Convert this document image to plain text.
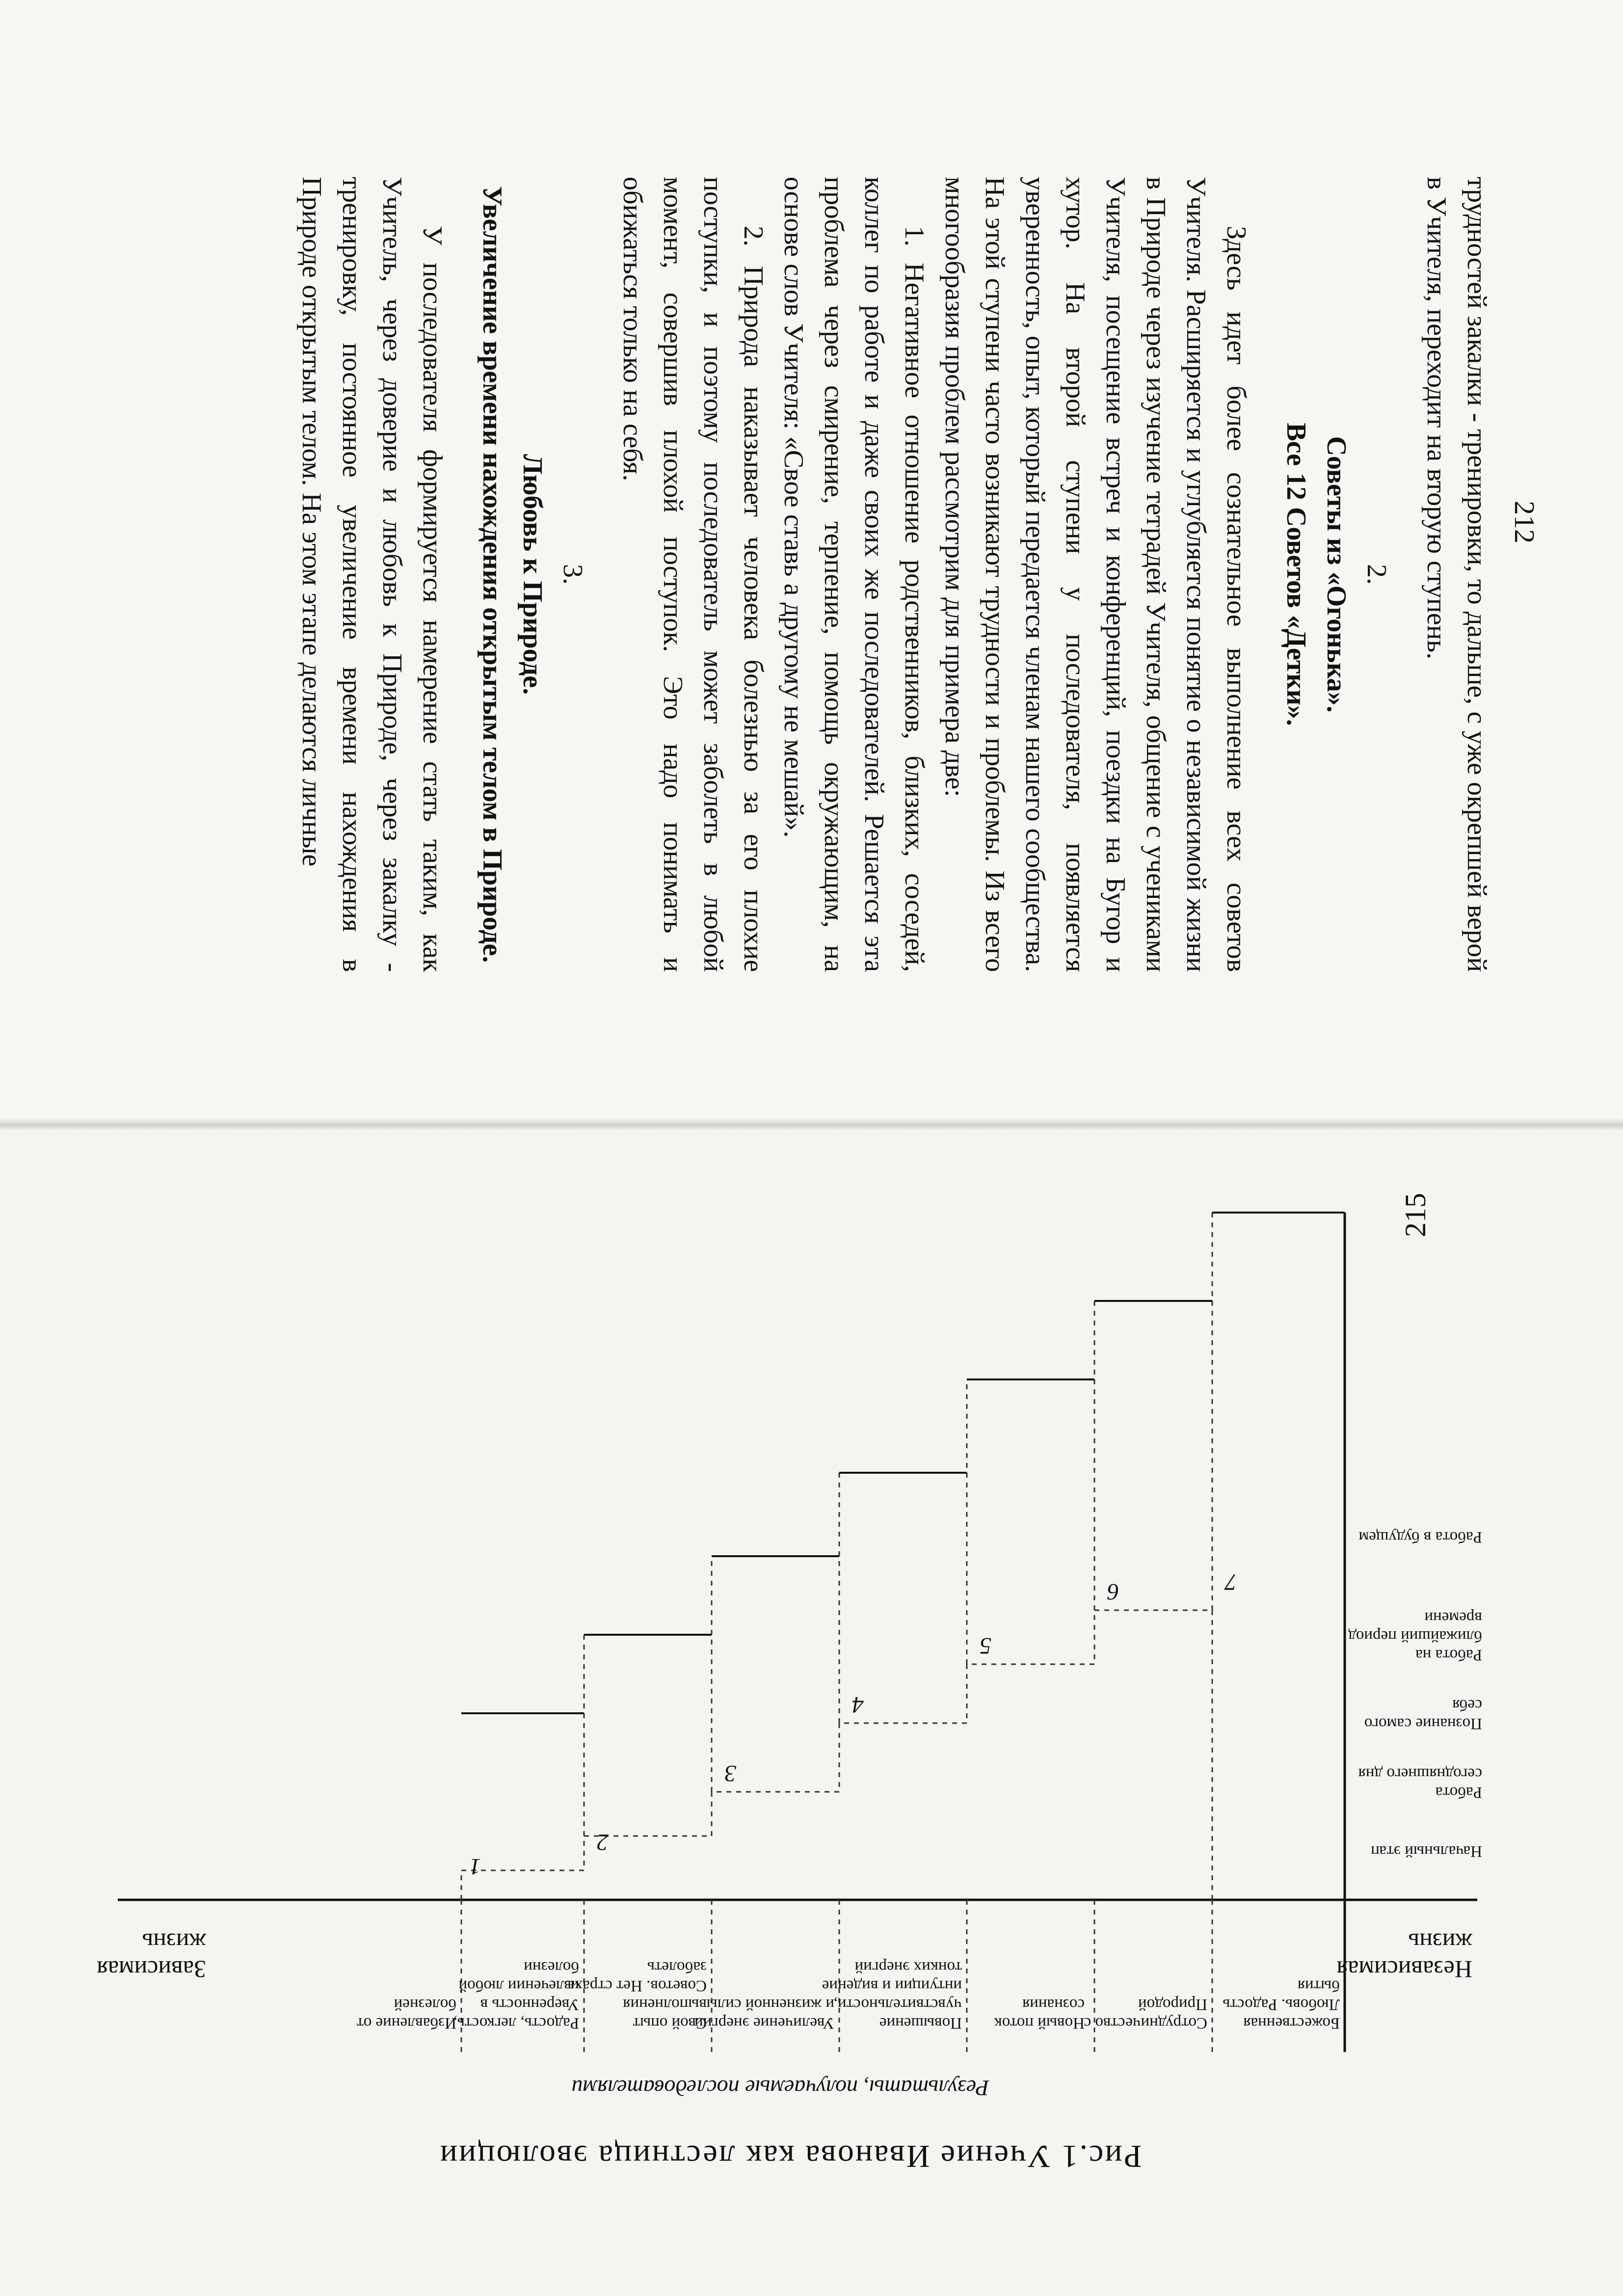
трудностей закалки - тренировки, то дальше, с уже окрепшей верой в Учителя, переходит на вторую ступень.

2.

Советы из «Огонька».

Все 12 Советов «Детки».

Здесь идет более сознательное выполнение всех советов Учителя. Расширяется и углубляется понятие о независимой жизни в Природе через изучение тетрадей Учителя, общение с учениками Учителя, посещение встреч и конференций, поездки на Бугор и хутор. На второй ступени у последователя, появляется уверенность, опыт, который передается членам нашего сообщества. На этой ступени часто возникают трудности и проблемы. Из всего многообразия проблем рассмотрим для примера две:

1. Негативное отношение родственников, близких, соседей, коллег по работе и даже своих же последователей. Решается эта проблема через смирение, терпение, помощь окружающим, на основе слов Учителя: «Свое ставь а другому не мешай».

2. Природа наказывает человека болезнью за его плохие поступки, и поэтому последователь может заболеть в любой момент, совершив плохой поступок. Это надо понимать и обижаться только на себя.

3.

Любовь к Природе.

Увеличение времени нахождения открытым телом в Природе.

У последователя формируется намерение стать таким, как Учитель, через доверие и любовь к Природе, через закалку - тренировку, постоянное увеличение времени нахождения в Природе открытым телом. На этом этапе делаются личные	212
Рис.1 Учение Иванова как лестница эволюции
Результаты, получаемые последователями
Независимая жизнь
Зависимая жизнь
Избавление от болезней
Радость, легкость, Уверенность в излечении любой болезни
Свой опыт выполнения Советов. Нет страха заболеть
Увеличение энергии и жизненной силы
Повышение чувствительности, интуиции и видение тонких энергий
Новый поток сознания
Сотрудничество с Природой
Божественная Любовь. Радость бытия
1
2
3
4
5
6	7
Начальный этап
Работа сегодняшнего дня
Познание самого себя
Работа на ближайший период времени
Работа в будущем
215
